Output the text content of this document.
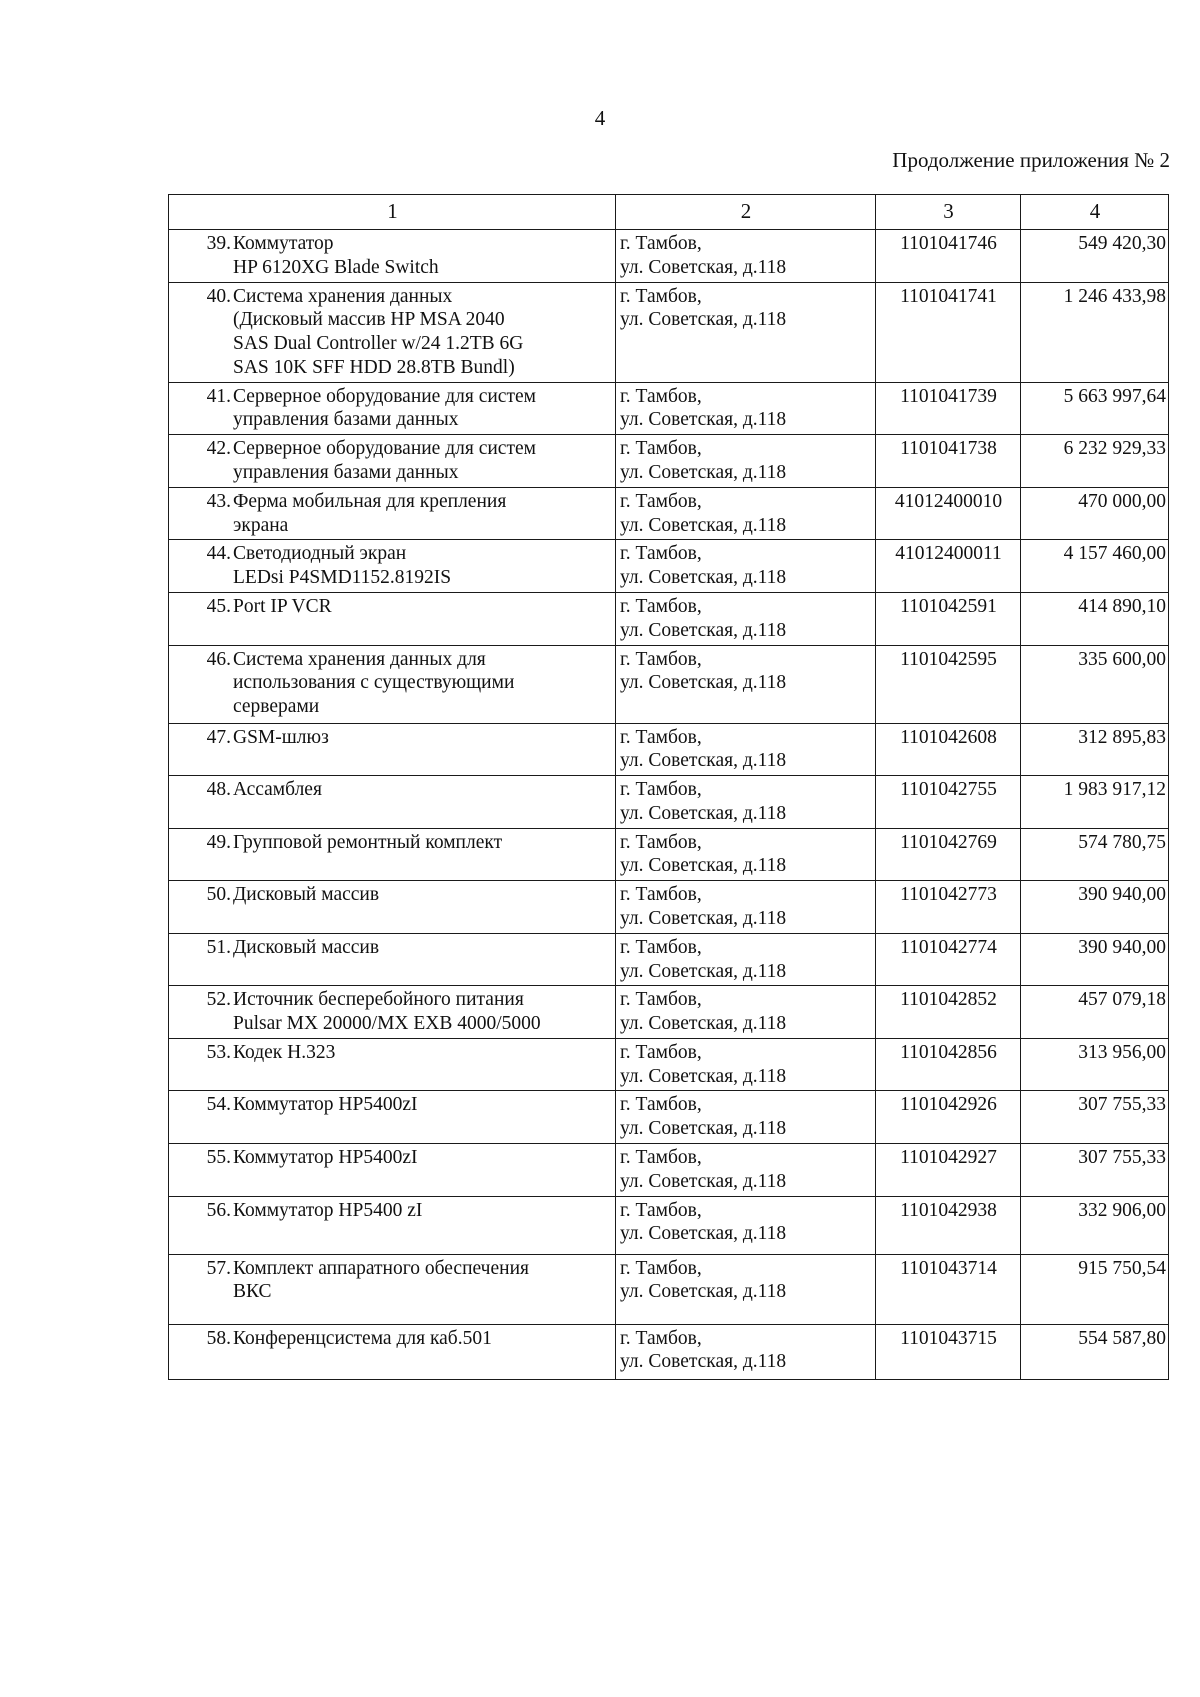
4
Продолжение приложения № 2
1	2	3	4

39. Коммутатор
HP 6120XG Blade Switch	г. Тамбов,
ул. Советская, д.118	1101041746	549 420,30

40. Система хранения данных
(Дисковый массив HP MSA 2040
SAS Dual Controller w/24 1.2TB 6G
SAS 10K SFF HDD 28.8TB Bundl)	г. Тамбов,
ул. Советская, д.118	1101041741	1 246 433,98

41. Серверное оборудование для систем
управления базами данных	г. Тамбов,
ул. Советская, д.118	1101041739	5 663 997,64

42. Серверное оборудование для систем
управления базами данных	г. Тамбов,
ул. Советская, д.118	1101041738	6 232 929,33

43. Ферма мобильная для крепления
экрана	г. Тамбов,
ул. Советская, д.118	41012400010	470 000,00

44. Светодиодный экран
LEDsi P4SMD1152.8192IS	г. Тамбов,
ул. Советская, д.118	41012400011	4 157 460,00

45. Port IP VCR	г. Тамбов,
ул. Советская, д.118	1101042591	414 890,10

46. Система хранения данных для
использования с существующими
серверами	г. Тамбов,
ул. Советская, д.118	1101042595	335 600,00

47. GSM-шлюз	г. Тамбов,
ул. Советская, д.118	1101042608	312 895,83

48. Ассамблея	г. Тамбов,
ул. Советская, д.118	1101042755	1 983 917,12

49. Групповой ремонтный комплект	г. Тамбов,
ул. Советская, д.118	1101042769	574 780,75

50. Дисковый массив	г. Тамбов,
ул. Советская, д.118	1101042773	390 940,00

51. Дисковый массив	г. Тамбов,
ул. Советская, д.118	1101042774	390 940,00

52. Источник бесперебойного питания
Pulsar MX 20000/MX EXB 4000/5000	г. Тамбов,
ул. Советская, д.118	1101042852	457 079,18

53. Кодек H.323	г. Тамбов,
ул. Советская, д.118	1101042856	313 956,00

54. Коммутатор HP5400zI	г. Тамбов,
ул. Советская, д.118	1101042926	307 755,33

55. Коммутатор HP5400zI	г. Тамбов,
ул. Советская, д.118	1101042927	307 755,33

56. Коммутатор HP5400 zI	г. Тамбов,
ул. Советская, д.118	1101042938	332 906,00

57. Комплект аппаратного обеспечения
ВКС	г. Тамбов,
ул. Советская, д.118	1101043714	915 750,54

58. Конференцсистема для каб.501	г. Тамбов,
ул. Советская, д.118	1101043715	554 587,80
